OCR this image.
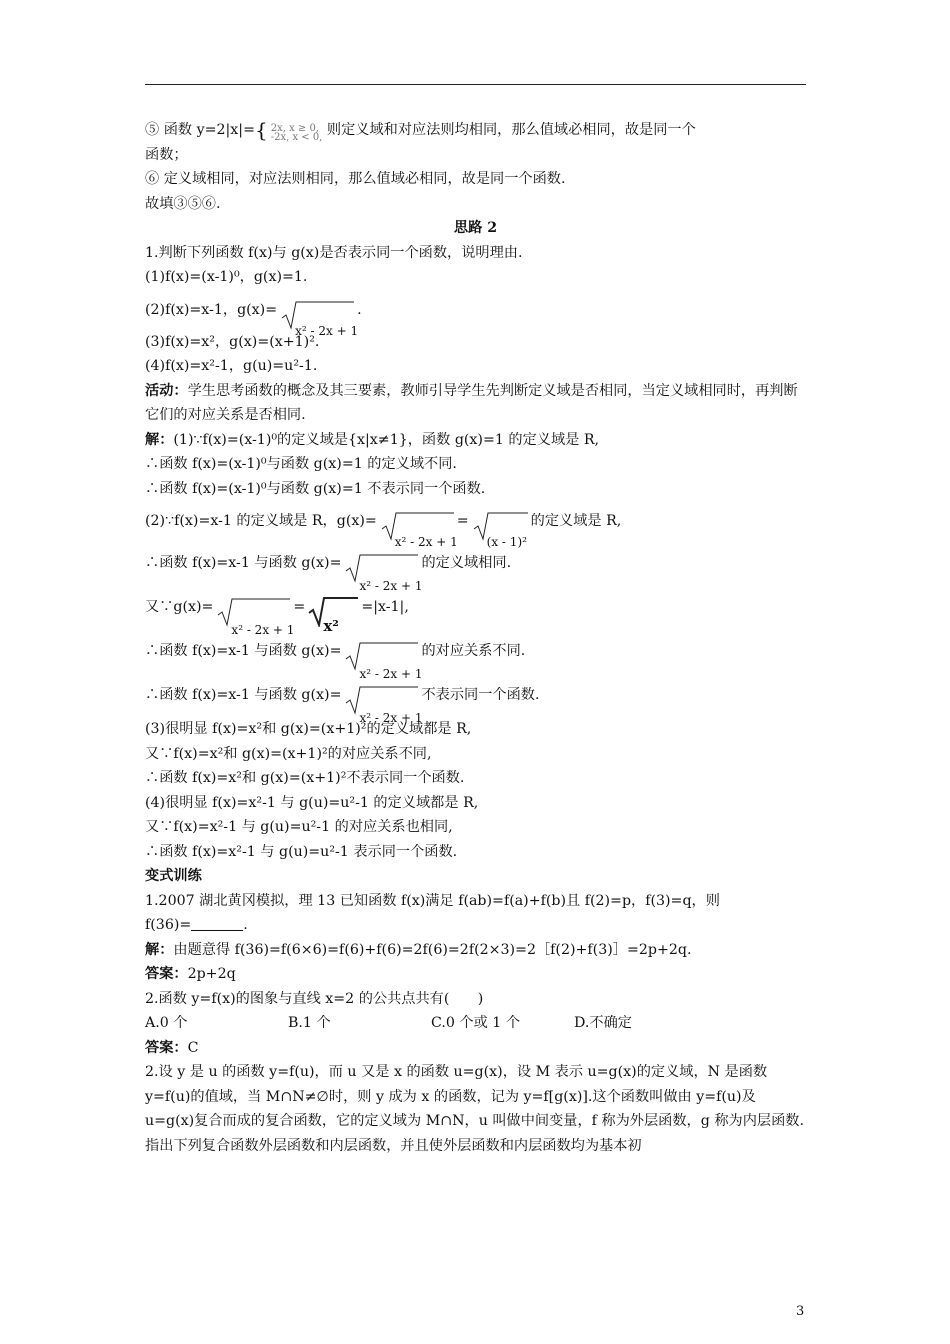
⑤ 函数 y=2|x|={ 2x, x ≥ 0,
-2x, x < 0, 则定义域和对应法则均相同，那么值域必相同，故是同一个
函数；
⑥ 定义域相同，对应法则相同，那么值域必相同，故是同一个函数.
故填③⑤⑥.
思路 2
1.判断下列函数 f(x)与 g(x)是否表示同一个函数，说明理由.
(1)f(x)=(x-1)⁰，g(x)=1.
(2)f(x)=x-1，g(x)=
x² - 2x + 1
.
(3)f(x)=x²，g(x)=(x+1)².
(4)f(x)=x²-1，g(u)=u²-1.
活动：学生思考函数的概念及其三要素，教师引导学生先判断定义域是否相同，当定义域相同时，再判断它们的对应关系是否相同.
解：(1)∵f(x)=(x-1)⁰的定义域是{x|x≠1}，函数 g(x)=1 的定义域是 R,
∴函数 f(x)=(x-1)⁰与函数 g(x)=1 的定义域不同.
∴函数 f(x)=(x-1)⁰与函数 g(x)=1 不表示同一个函数.
(2)∵f(x)=x-1 的定义域是 R，g(x)=
x² - 2x + 1
=
(x - 1)²
的定义域是 R,
∴函数 f(x)=x-1 与函数 g(x)=
x² - 2x + 1
的定义域相同.
又∵g(x)=
x² - 2x + 1
=
x²
=|x-1|,
∴函数 f(x)=x-1 与函数 g(x)=
x² - 2x + 1
的对应关系不同.
∴函数 f(x)=x-1 与函数 g(x)=
x² - 2x + 1
不表示同一个函数.
(3)很明显 f(x)=x²和 g(x)=(x+1)²的定义域都是 R,
又∵f(x)=x²和 g(x)=(x+1)²的对应关系不同,
∴函数 f(x)=x²和 g(x)=(x+1)²不表示同一个函数.
(4)很明显 f(x)=x²-1 与 g(u)=u²-1 的定义域都是 R,
又∵f(x)=x²-1 与 g(u)=u²-1 的对应关系也相同,
∴函数 f(x)=x²-1 与 g(u)=u²-1 表示同一个函数.
变式训练
1.2007 湖北黄冈模拟，理 13 已知函数 f(x)满足 f(ab)=f(a)+f(b)且 f(2)=p，f(3)=q，则
f(36)=	.
解：由题意得 f(36)=f(6×6)=f(6)+f(6)=2f(6)=2f(2×3)=2［f(2)+f(3)］=2p+2q.
答案：2p+2q
2.函数 y=f(x)的图象与直线 x=2 的公共点共有(　　)
A.0 个	B.1 个	C.0 个或 1 个	D.不确定
答案：C
2.设 y 是 u 的函数 y=f(u)，而 u 又是 x 的函数 u=g(x)，设 M 表示 u=g(x)的定义域，N 是函数 y=f(u)的值域，当 M∩N≠∅时，则 y 成为 x 的函数，记为 y=f[g(x)].这个函数叫做由 y=f(u)及 u=g(x)复合而成的复合函数，它的定义域为 M∩N，u 叫做中间变量，f 称为外层函数，g 称为内层函数.指出下列复合函数外层函数和内层函数，并且使外层函数和内层函数均为基本初
3
